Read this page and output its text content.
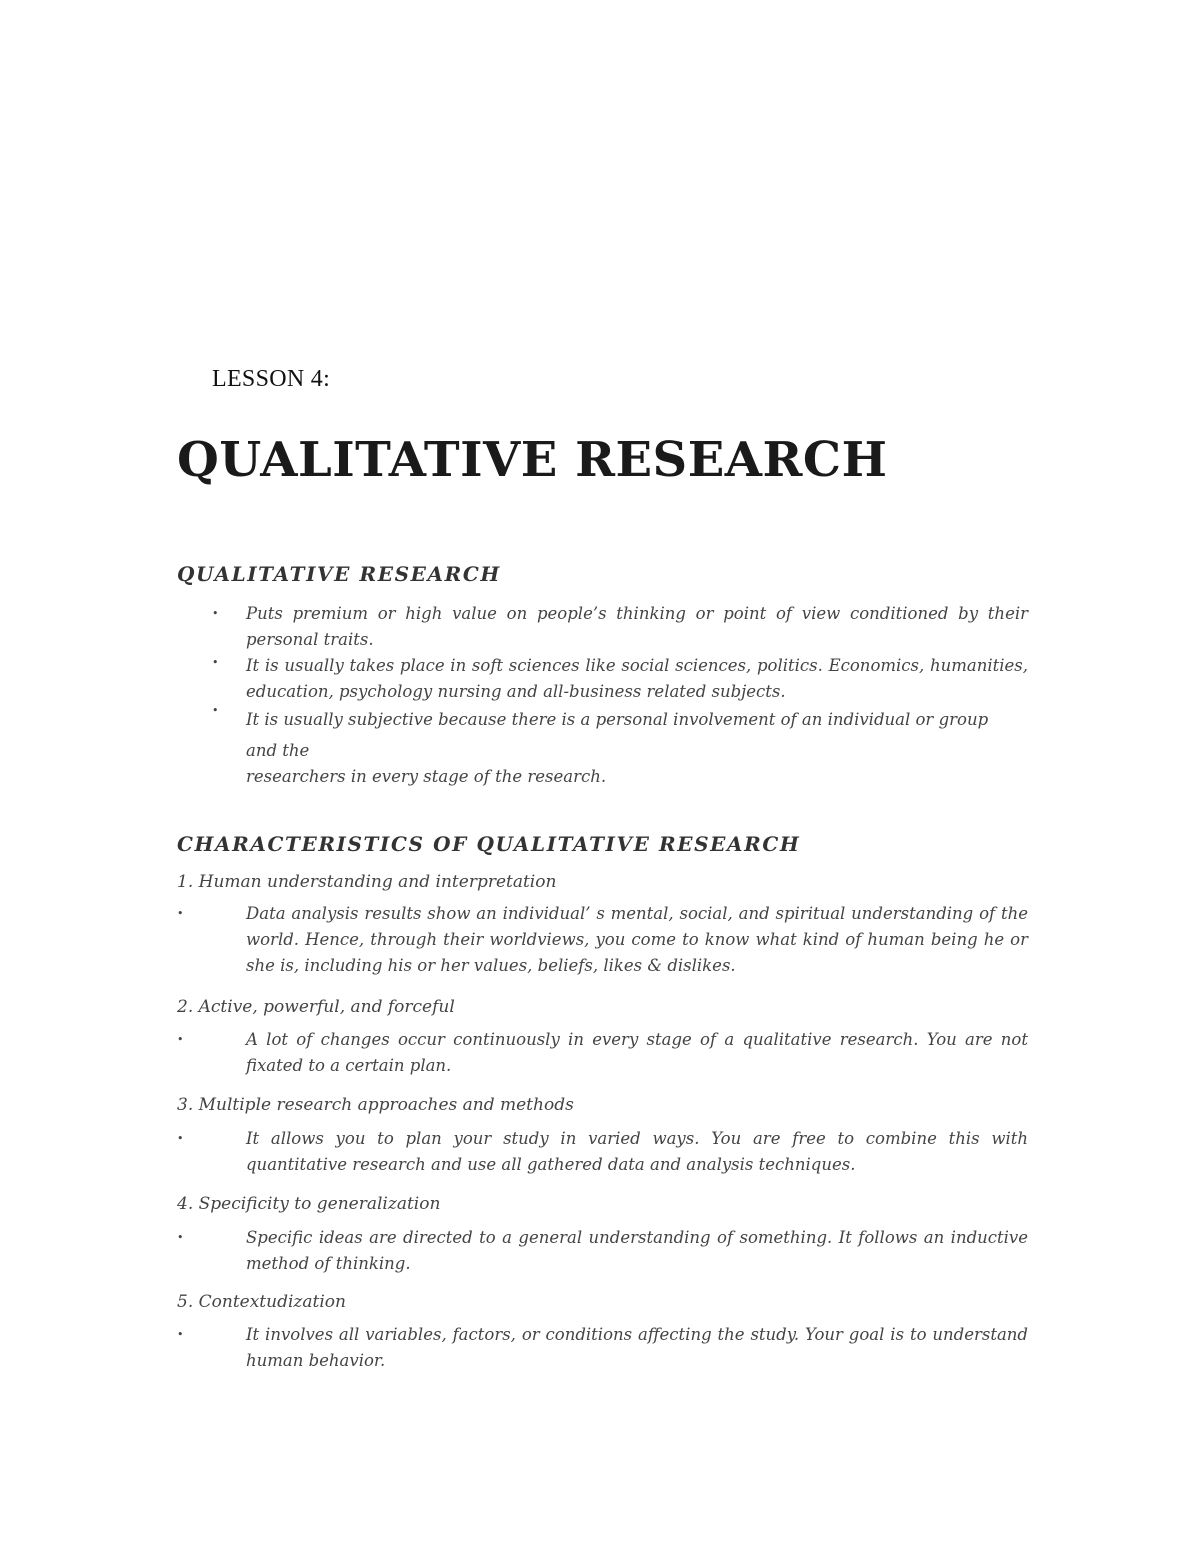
LESSON 4:
QUALITATIVE RESEARCH
QUALITATIVE RESEARCH
• Puts premium or high value on people’s thinking or point of view conditioned by their personal traits.

• It is usually takes place in soft sciences like social sciences, politics. Economics, humanities, education, psychology nursing and all-business related subjects.

• It is usually subjective because there is a personal involvement of an individual or group
and the
researchers in every stage of the research.
CHARACTERISTICS OF QUALITATIVE RESEARCH
1. Human understanding and interpretation
•	Data analysis results show an individual’ s mental, social, and spiritual understanding of the world. Hence, through their worldviews, you come to know what kind of human being he or she is, including his or her values, beliefs, likes & dislikes.

2. Active, powerful, and forceful
•	A lot of changes occur continuously in every stage of a qualitative research. You are not fixated to a certain plan.

3. Multiple research approaches and methods
•	It allows you to plan your study in varied ways. You are free to combine this with quantitative research and use all gathered data and analysis techniques.

4. Specificity to generalization
•	Specific ideas are directed to a general understanding of something. It follows an inductive method of thinking.

5. Contextudization
•	It involves all variables, factors, or conditions affecting the study. Your goal is to understand human behavior.
